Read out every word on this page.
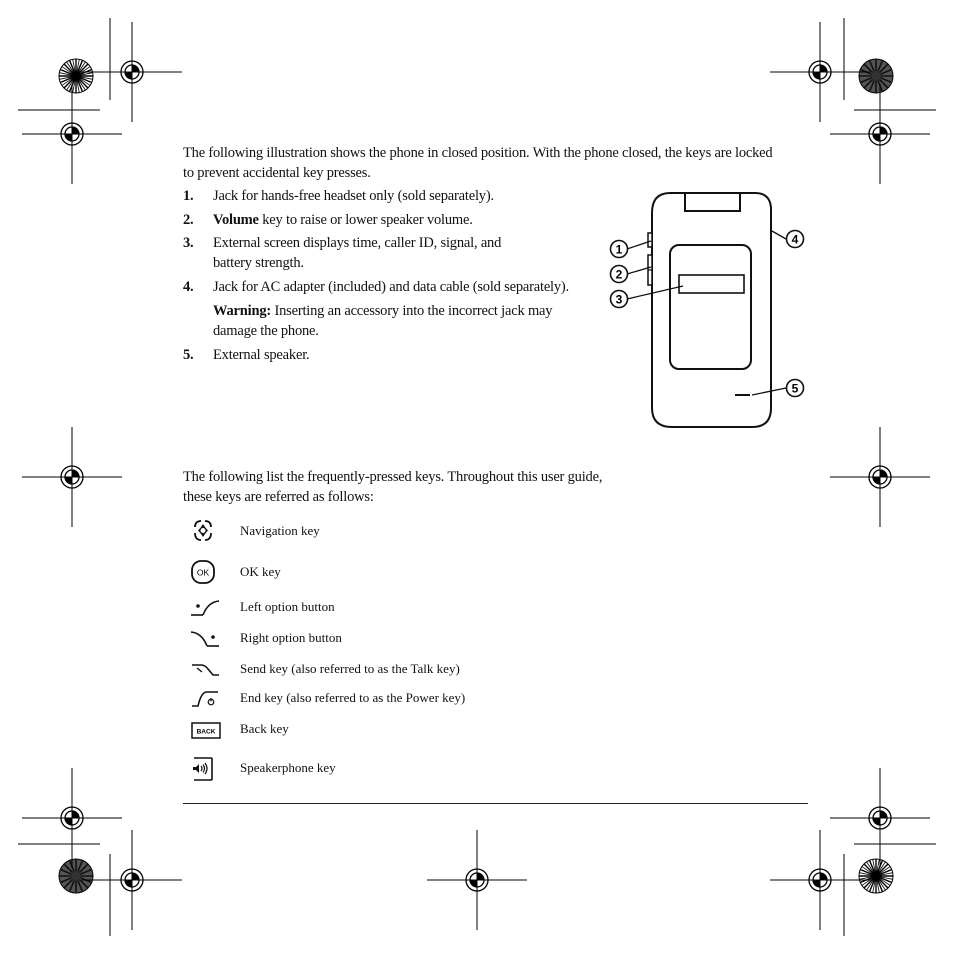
The following illustration shows the phone in closed position. With the phone closed, the keys are locked
to prevent accidental key presses.
1. Jack for hands-free headset only (sold separately).
2. Volume key to raise or lower speaker volume.
3. External screen displays time, caller ID, signal, and
battery strength.
4. Jack for AC adapter (included) and data cable (sold separately).
Warning: Inserting an accessory into the incorrect jack may
damage the phone.
5. External speaker.
1
2
3
4
5
The following list the frequently-pressed keys. Throughout this user guide,
these keys are referred as follows:
Navigation key
OK OK key
Left option button
Right option button
Send key (also referred to as the Talk key)
End key (also referred to as the Power key)
BACK Back key
Speakerphone key
